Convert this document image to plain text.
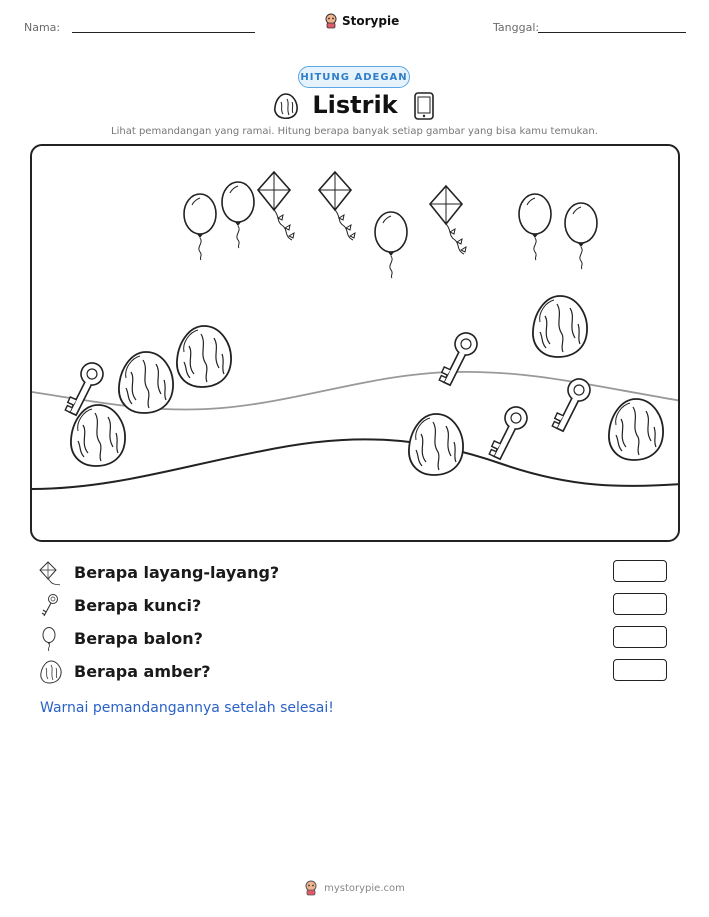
Nama:	Storypie	Tanggal:
HITUNG ADEGAN
Listrik
Lihat pemandangan yang ramai. Hitung berapa banyak setiap gambar yang bisa kamu temukan.
Berapa layang-layang?
Berapa kunci?
Berapa balon?
Berapa amber?
Warnai pemandangannya setelah selesai!
mystorypie.com
